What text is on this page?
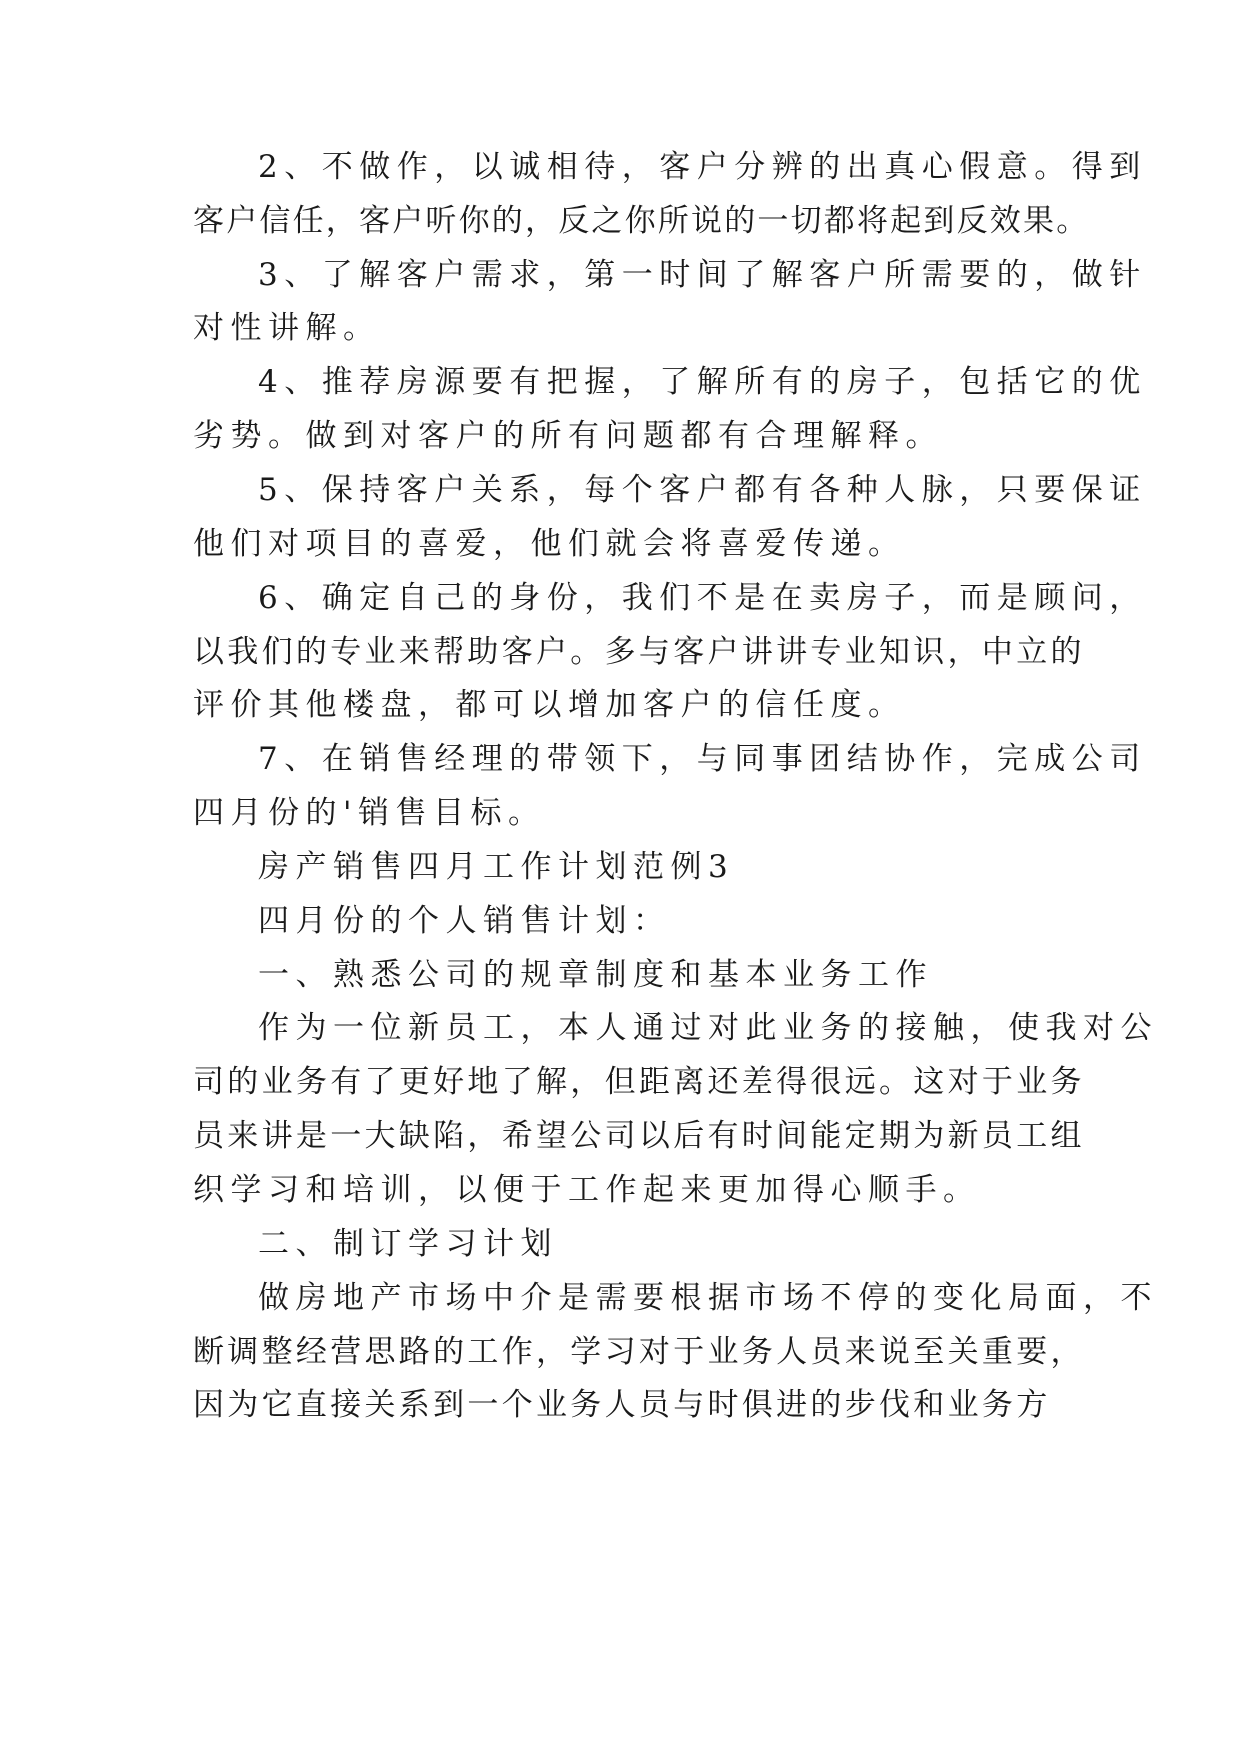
2、不做作，以诚相待，客户分辨的出真心假意。得到
客户信任，客户听你的，反之你所说的一切都将起到反效果。
3、了解客户需求，第一时间了解客户所需要的，做针
对性讲解。
4、推荐房源要有把握，了解所有的房子，包括它的优
劣势。做到对客户的所有问题都有合理解释。
5、保持客户关系，每个客户都有各种人脉，只要保证
他们对项目的喜爱，他们就会将喜爱传递。
6、确定自己的身份，我们不是在卖房子，而是顾问，
以我们的专业来帮助客户。多与客户讲讲专业知识，中立的
评价其他楼盘，都可以增加客户的信任度。
7、在销售经理的带领下，与同事团结协作，完成公司
四月份的'销售目标。
房产销售四月工作计划范例3
四月份的个人销售计划：
一、熟悉公司的规章制度和基本业务工作
作为一位新员工，本人通过对此业务的接触，使我对公
司的业务有了更好地了解，但距离还差得很远。这对于业务
员来讲是一大缺陷，希望公司以后有时间能定期为新员工组
织学习和培训，以便于工作起来更加得心顺手。
二、制订学习计划
做房地产市场中介是需要根据市场不停的变化局面，不
断调整经营思路的工作，学习对于业务人员来说至关重要，
因为它直接关系到一个业务人员与时俱进的步伐和业务方
